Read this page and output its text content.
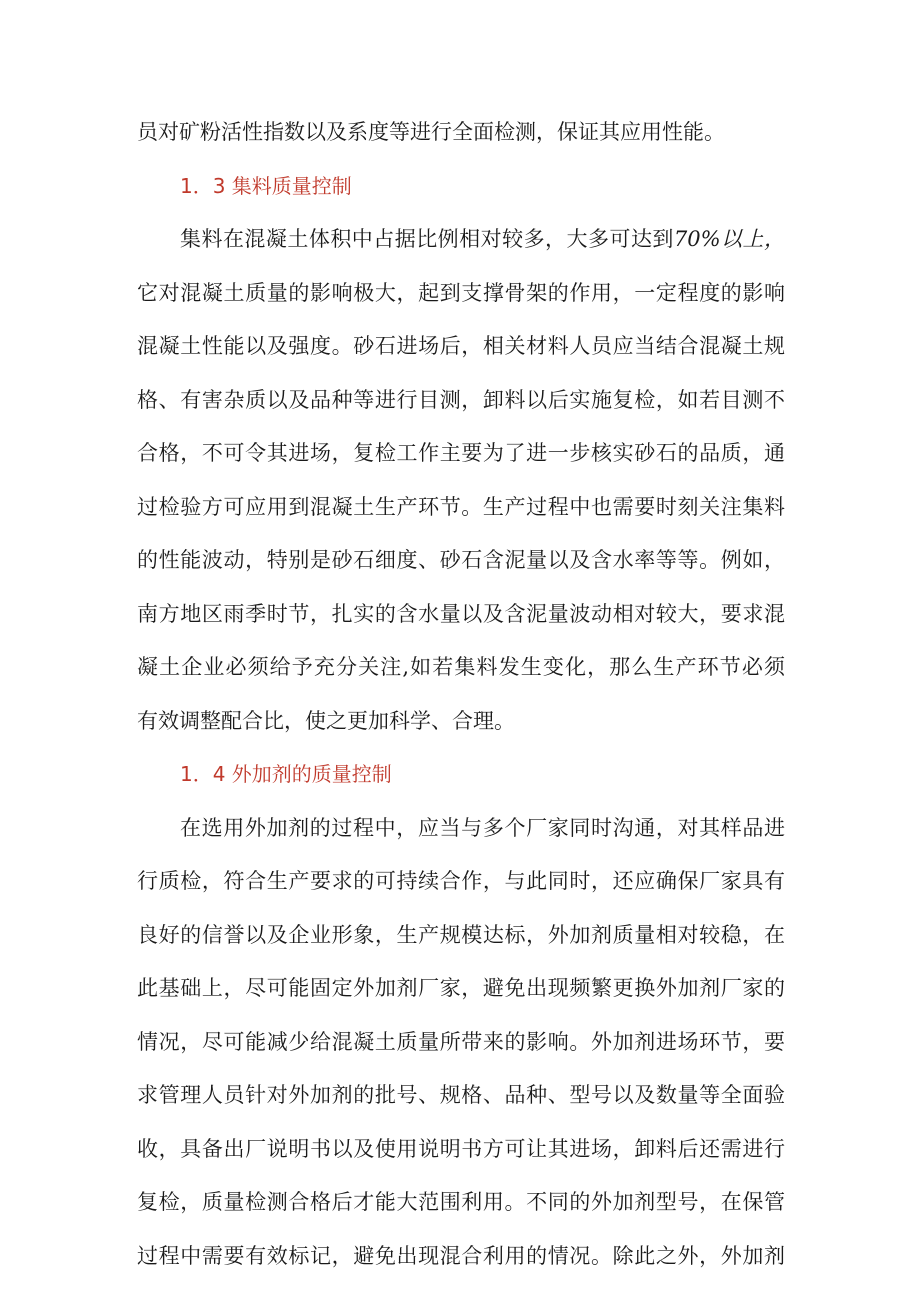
员对矿粉活性指数以及系度等进行全面检测，保证其应用性能。
1．3 集料质量控制
集料在混凝土体积中占据比例相对较多，大多可达到70%以上，
它对混凝土质量的影响极大，起到支撑骨架的作用，一定程度的影响
混凝土性能以及强度。砂石进场后，相关材料人员应当结合混凝土规
格、有害杂质以及品种等进行目测，卸料以后实施复检，如若目测不
合格，不可令其进场，复检工作主要为了进一步核实砂石的品质，通
过检验方可应用到混凝土生产环节。生产过程中也需要时刻关注集料
的性能波动，特别是砂石细度、砂石含泥量以及含水率等等。例如，
南方地区雨季时节，扎实的含水量以及含泥量波动相对较大，要求混
凝土企业必须给予充分关注,如若集料发生变化，那么生产环节必须
有效调整配合比，使之更加科学、合理。
1．4 外加剂的质量控制
在选用外加剂的过程中，应当与多个厂家同时沟通，对其样品进
行质检，符合生产要求的可持续合作，与此同时，还应确保厂家具有
良好的信誉以及企业形象，生产规模达标，外加剂质量相对较稳，在
此基础上，尽可能固定外加剂厂家，避免出现频繁更换外加剂厂家的
情况，尽可能减少给混凝土质量所带来的影响。外加剂进场环节，要
求管理人员针对外加剂的批号、规格、品种、型号以及数量等全面验
收，具备出厂说明书以及使用说明书方可让其进场，卸料后还需进行
复检，质量检测合格后才能大范围利用。不同的外加剂型号，在保管
过程中需要有效标记，避免出现混合利用的情况。除此之外，外加剂
